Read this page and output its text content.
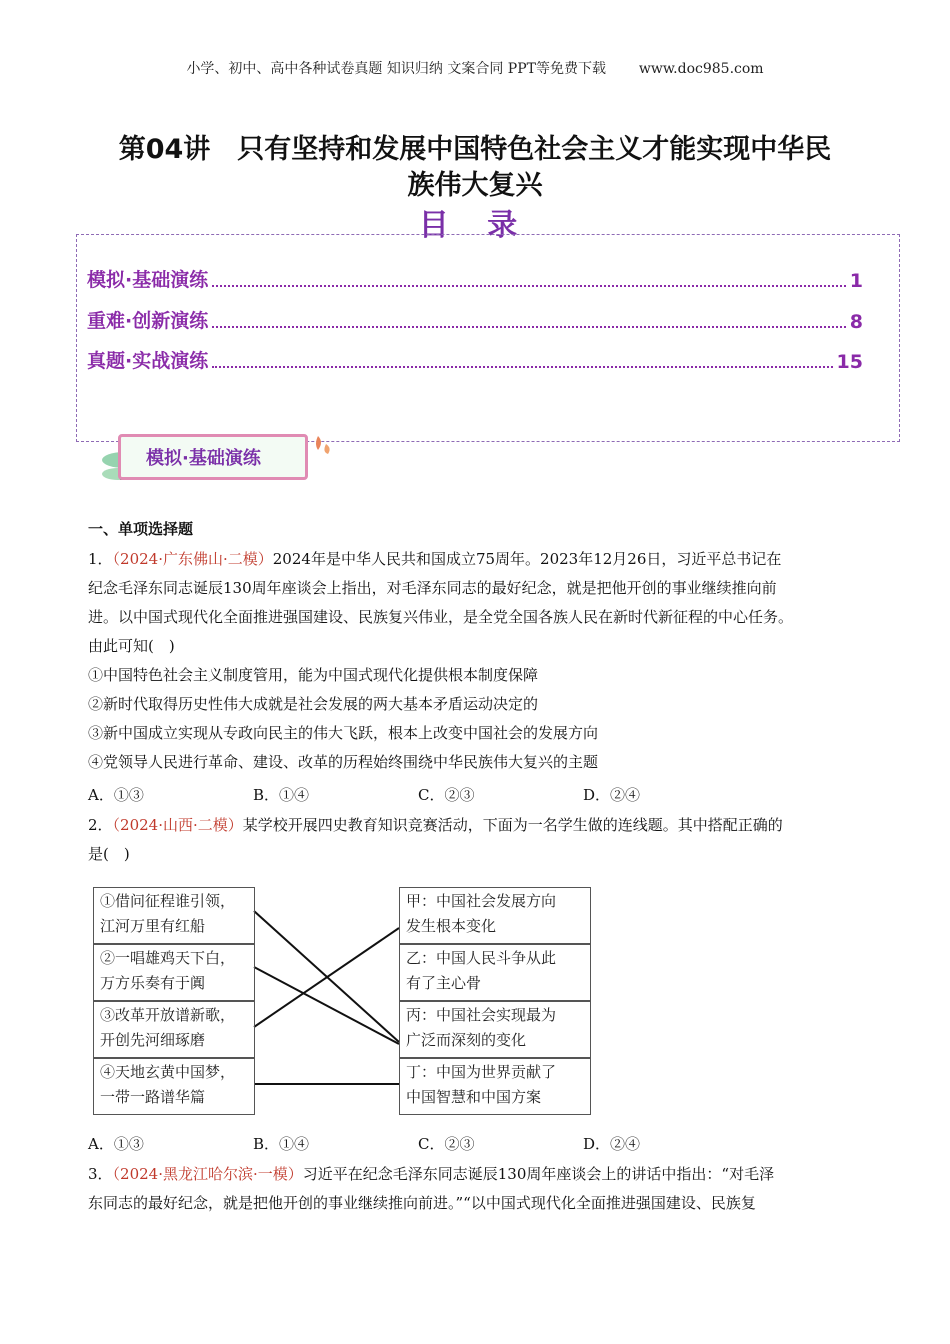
小学、初中、高中各种试卷真题 知识归纳 文案合同 PPT等免费下载 www.doc985.com
第04讲　只有坚持和发展中国特色社会主义才能实现中华民
族伟大复兴
目 录
模拟·基础演练	1
重难·创新演练	8
真题·实战演练	15
模拟·基础演练
一、单项选择题
1．（2024·广东佛山·二模）2024年是中华人民共和国成立75周年。2023年12月26日，习近平总书记在
纪念毛泽东同志诞辰130周年座谈会上指出，对毛泽东同志的最好纪念，就是把他开创的事业继续推向前
进。以中国式现代化全面推进强国建设、民族复兴伟业，是全党全国各族人民在新时代新征程的中心任务。
由此可知(　)
①中国特色社会主义制度管用，能为中国式现代化提供根本制度保障
②新时代取得历史性伟大成就是社会发展的两大基本矛盾运动决定的
③新中国成立实现从专政向民主的伟大飞跃，根本上改变中国社会的发展方向
④党领导人民进行革命、建设、改革的历程始终围绕中华民族伟大复兴的主题
A．①③	B．①④	C．②③	D．②④
2．（2024·山西·二模）某学校开展四史教育知识竞赛活动，下面为一名学生做的连线题。其中搭配正确的
是(　)
①借问征程谁引领，
江河万里有红船
②一唱雄鸡天下白，
万方乐奏有于阗
③改革开放谱新歌，
开创先河细琢磨
④天地玄黄中国梦，
一带一路谱华篇
甲：中国社会发展方向
发生根本变化
乙：中国人民斗争从此
有了主心骨
丙：中国社会实现最为
广泛而深刻的变化
丁：中国为世界贡献了
中国智慧和中国方案
A．①③	B．①④	C．②③	D．②④
3．（2024·黑龙江哈尔滨·一模）习近平在纪念毛泽东同志诞辰130周年座谈会上的讲话中指出：“对毛泽
东同志的最好纪念，就是把他开创的事业继续推向前进。”“以中国式现代化全面推进强国建设、民族复
